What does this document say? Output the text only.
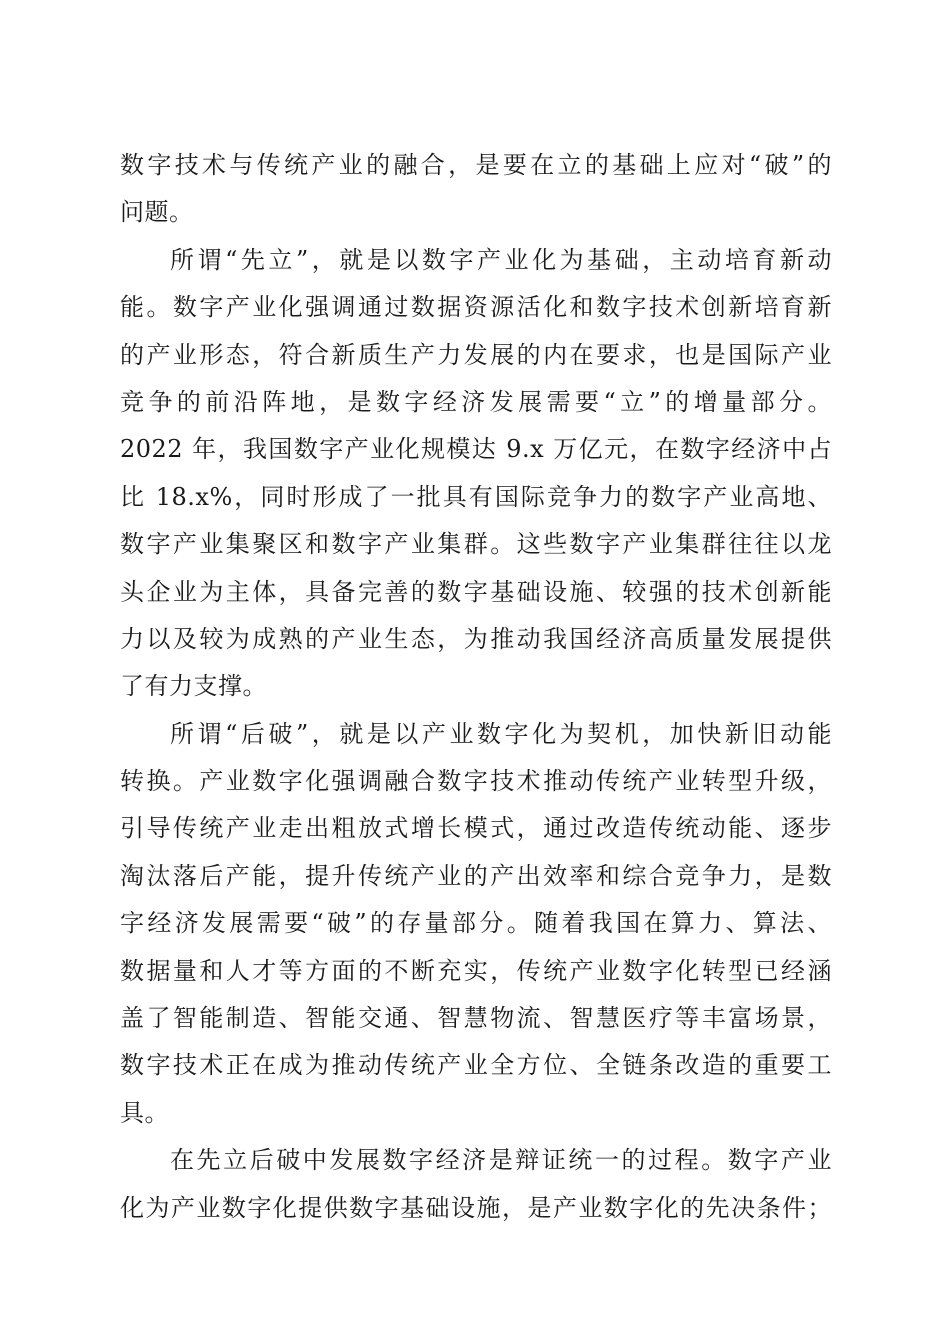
数字技术与传统产业的融合，是要在立的基础上应对“破”的
问题。
所谓“先立”，就是以数字产业化为基础，主动培育新动
能。数字产业化强调通过数据资源活化和数字技术创新培育新
的产业形态，符合新质生产力发展的内在要求，也是国际产业
竞争的前沿阵地，是数字经济发展需要“立”的增量部分。
2022 年，我国数字产业化规模达 9.x 万亿元，在数字经济中占
比 18.x%，同时形成了一批具有国际竞争力的数字产业高地、
数字产业集聚区和数字产业集群。这些数字产业集群往往以龙
头企业为主体，具备完善的数字基础设施、较强的技术创新能
力以及较为成熟的产业生态，为推动我国经济高质量发展提供
了有力支撑。
所谓“后破”，就是以产业数字化为契机，加快新旧动能
转换。产业数字化强调融合数字技术推动传统产业转型升级，
引导传统产业走出粗放式增长模式，通过改造传统动能、逐步
淘汰落后产能，提升传统产业的产出效率和综合竞争力，是数
字经济发展需要“破”的存量部分。随着我国在算力、算法、
数据量和人才等方面的不断充实，传统产业数字化转型已经涵
盖了智能制造、智能交通、智慧物流、智慧医疗等丰富场景，
数字技术正在成为推动传统产业全方位、全链条改造的重要工
具。
在先立后破中发展数字经济是辩证统一的过程。数字产业
化为产业数字化提供数字基础设施，是产业数字化的先决条件；
